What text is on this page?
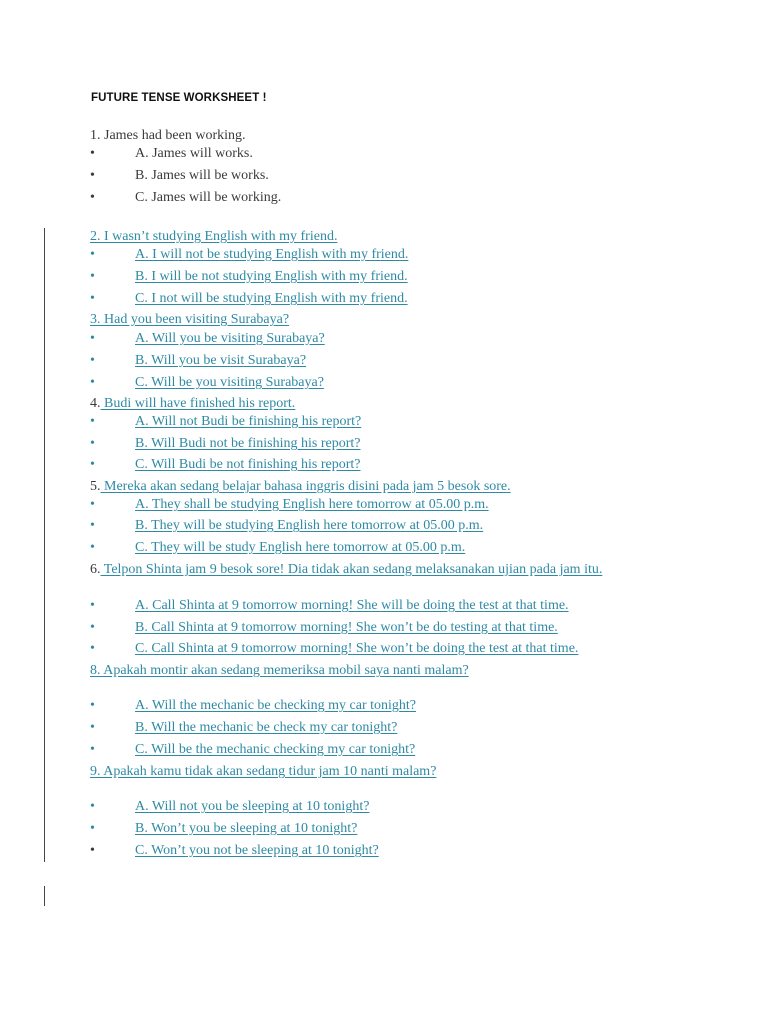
FUTURE TENSE WORKSHEET !
1. James had been working.
•A. James will works.
•B. James will be works.
•C. James will be working.
2. I wasn’t studying English with my friend.
•A. I will not be studying English with my friend.
•B. I will be not studying English with my friend.
•C. I not will be studying English with my friend.
3. Had you been visiting Surabaya?
•A. Will you be visiting Surabaya?
•B. Will you be visit Surabaya?
•C. Will be you visiting Surabaya?
4. Budi will have finished his report.
•A. Will not Budi be finishing his report?
•B. Will Budi not be finishing his report?
•C. Will Budi be not finishing his report?
5. Mereka akan sedang belajar bahasa inggris disini pada jam 5 besok sore.
•A. They shall be studying English here tomorrow at 05.00 p.m.
•B. They will be studying English here tomorrow at 05.00 p.m.
•C. They will be study English here tomorrow at 05.00 p.m.
6. Telpon Shinta jam 9 besok sore! Dia tidak akan sedang melaksanakan ujian pada jam itu.
•A. Call Shinta at 9 tomorrow morning! She will be doing the test at that time.
•B. Call Shinta at 9 tomorrow morning! She won’t be do testing at that time.
•C. Call Shinta at 9 tomorrow morning! She won’t be doing the test at that time.
8. Apakah montir akan sedang memeriksa mobil saya nanti malam?
•A. Will the mechanic be checking my car tonight?
•B. Will the mechanic be check my car tonight?
•C. Will be the mechanic checking my car tonight?
9. Apakah kamu tidak akan sedang tidur jam 10 nanti malam?
•A. Will not you be sleeping at 10 tonight?
•B. Won’t you be sleeping at 10 tonight?
•C. Won’t you not be sleeping at 10 tonight?
